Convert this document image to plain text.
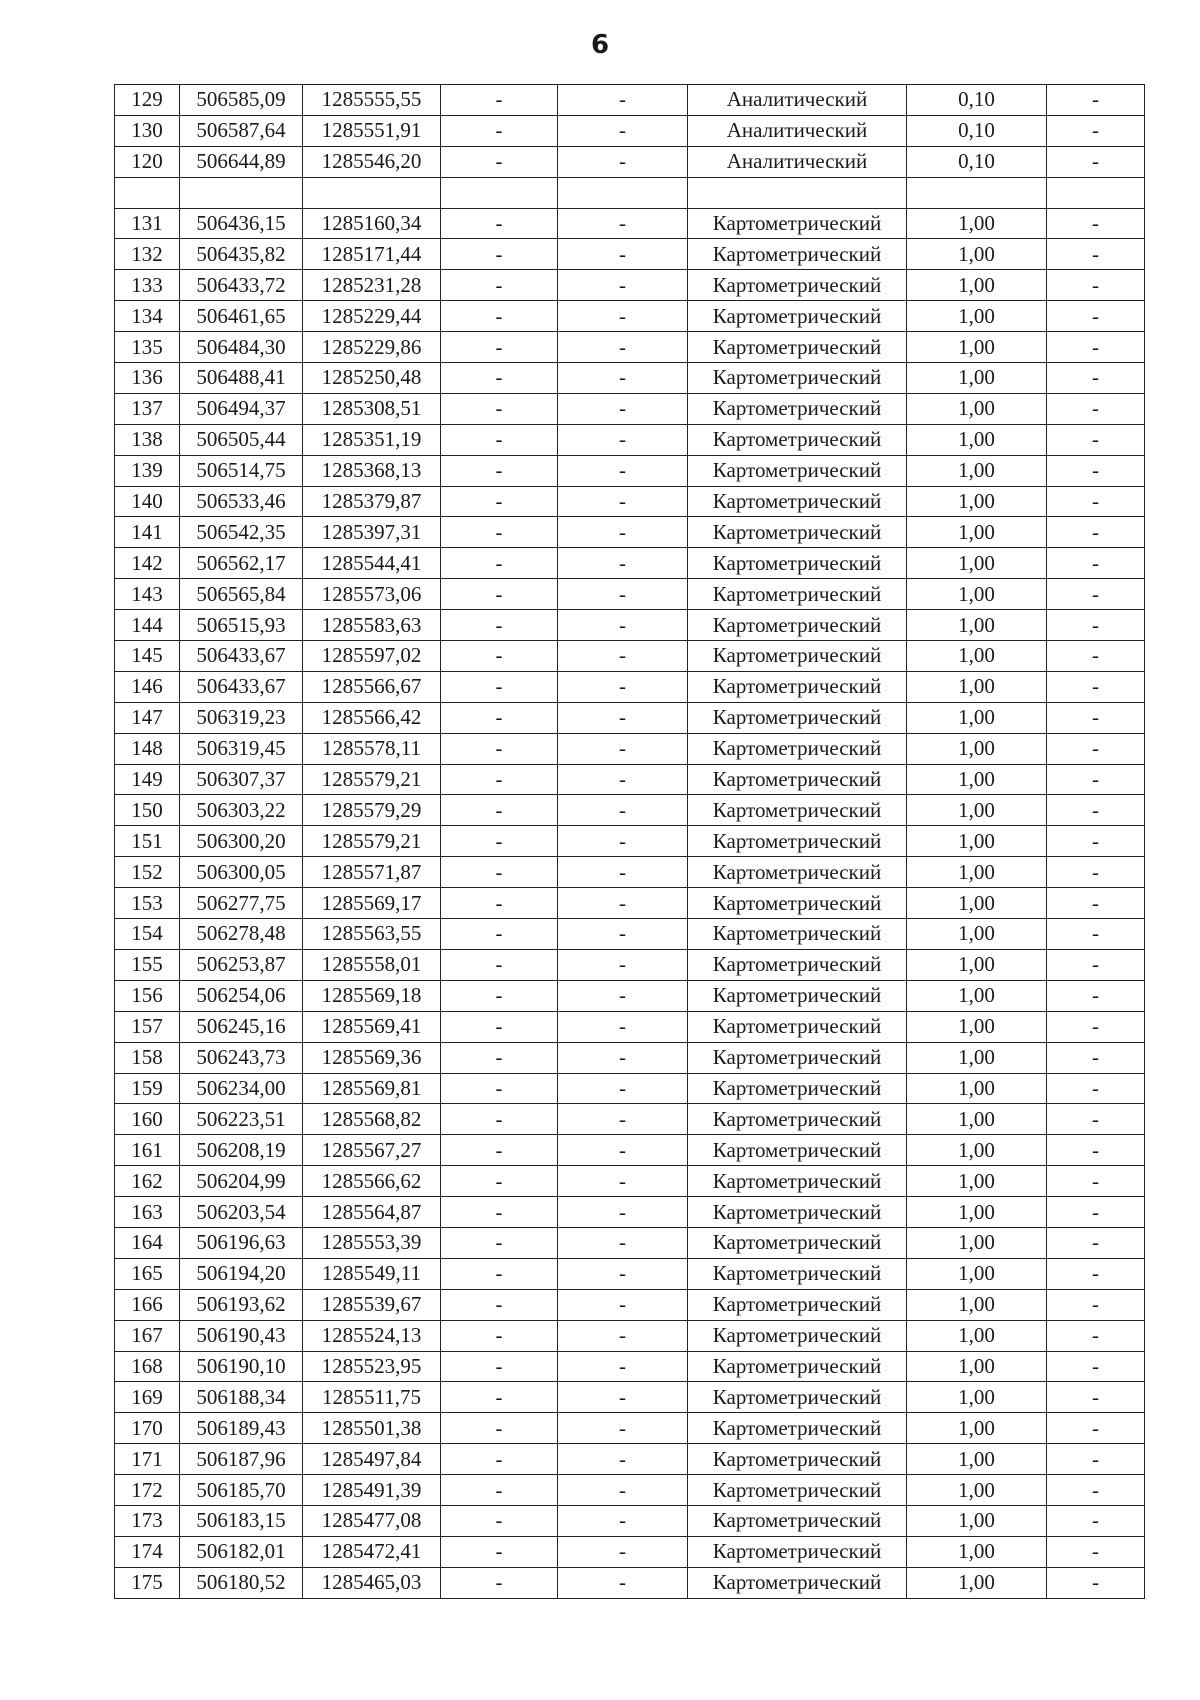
6
129	506585,09	1285555,55	-	-	Аналитический	0,10	-
130	506587,64	1285551,91	-	-	Аналитический	0,10	-
120	506644,89	1285546,20	-	-	Аналитический	0,10	-

131	506436,15	1285160,34	-	-	Картометрический	1,00	-
132	506435,82	1285171,44	-	-	Картометрический	1,00	-
133	506433,72	1285231,28	-	-	Картометрический	1,00	-
134	506461,65	1285229,44	-	-	Картометрический	1,00	-
135	506484,30	1285229,86	-	-	Картометрический	1,00	-
136	506488,41	1285250,48	-	-	Картометрический	1,00	-
137	506494,37	1285308,51	-	-	Картометрический	1,00	-
138	506505,44	1285351,19	-	-	Картометрический	1,00	-
139	506514,75	1285368,13	-	-	Картометрический	1,00	-
140	506533,46	1285379,87	-	-	Картометрический	1,00	-
141	506542,35	1285397,31	-	-	Картометрический	1,00	-
142	506562,17	1285544,41	-	-	Картометрический	1,00	-
143	506565,84	1285573,06	-	-	Картометрический	1,00	-
144	506515,93	1285583,63	-	-	Картометрический	1,00	-
145	506433,67	1285597,02	-	-	Картометрический	1,00	-
146	506433,67	1285566,67	-	-	Картометрический	1,00	-
147	506319,23	1285566,42	-	-	Картометрический	1,00	-
148	506319,45	1285578,11	-	-	Картометрический	1,00	-
149	506307,37	1285579,21	-	-	Картометрический	1,00	-
150	506303,22	1285579,29	-	-	Картометрический	1,00	-
151	506300,20	1285579,21	-	-	Картометрический	1,00	-
152	506300,05	1285571,87	-	-	Картометрический	1,00	-
153	506277,75	1285569,17	-	-	Картометрический	1,00	-
154	506278,48	1285563,55	-	-	Картометрический	1,00	-
155	506253,87	1285558,01	-	-	Картометрический	1,00	-
156	506254,06	1285569,18	-	-	Картометрический	1,00	-
157	506245,16	1285569,41	-	-	Картометрический	1,00	-
158	506243,73	1285569,36	-	-	Картометрический	1,00	-
159	506234,00	1285569,81	-	-	Картометрический	1,00	-
160	506223,51	1285568,82	-	-	Картометрический	1,00	-
161	506208,19	1285567,27	-	-	Картометрический	1,00	-
162	506204,99	1285566,62	-	-	Картометрический	1,00	-
163	506203,54	1285564,87	-	-	Картометрический	1,00	-
164	506196,63	1285553,39	-	-	Картометрический	1,00	-
165	506194,20	1285549,11	-	-	Картометрический	1,00	-
166	506193,62	1285539,67	-	-	Картометрический	1,00	-
167	506190,43	1285524,13	-	-	Картометрический	1,00	-
168	506190,10	1285523,95	-	-	Картометрический	1,00	-
169	506188,34	1285511,75	-	-	Картометрический	1,00	-
170	506189,43	1285501,38	-	-	Картометрический	1,00	-
171	506187,96	1285497,84	-	-	Картометрический	1,00	-
172	506185,70	1285491,39	-	-	Картометрический	1,00	-
173	506183,15	1285477,08	-	-	Картометрический	1,00	-
174	506182,01	1285472,41	-	-	Картометрический	1,00	-
175	506180,52	1285465,03	-	-	Картометрический	1,00	-
